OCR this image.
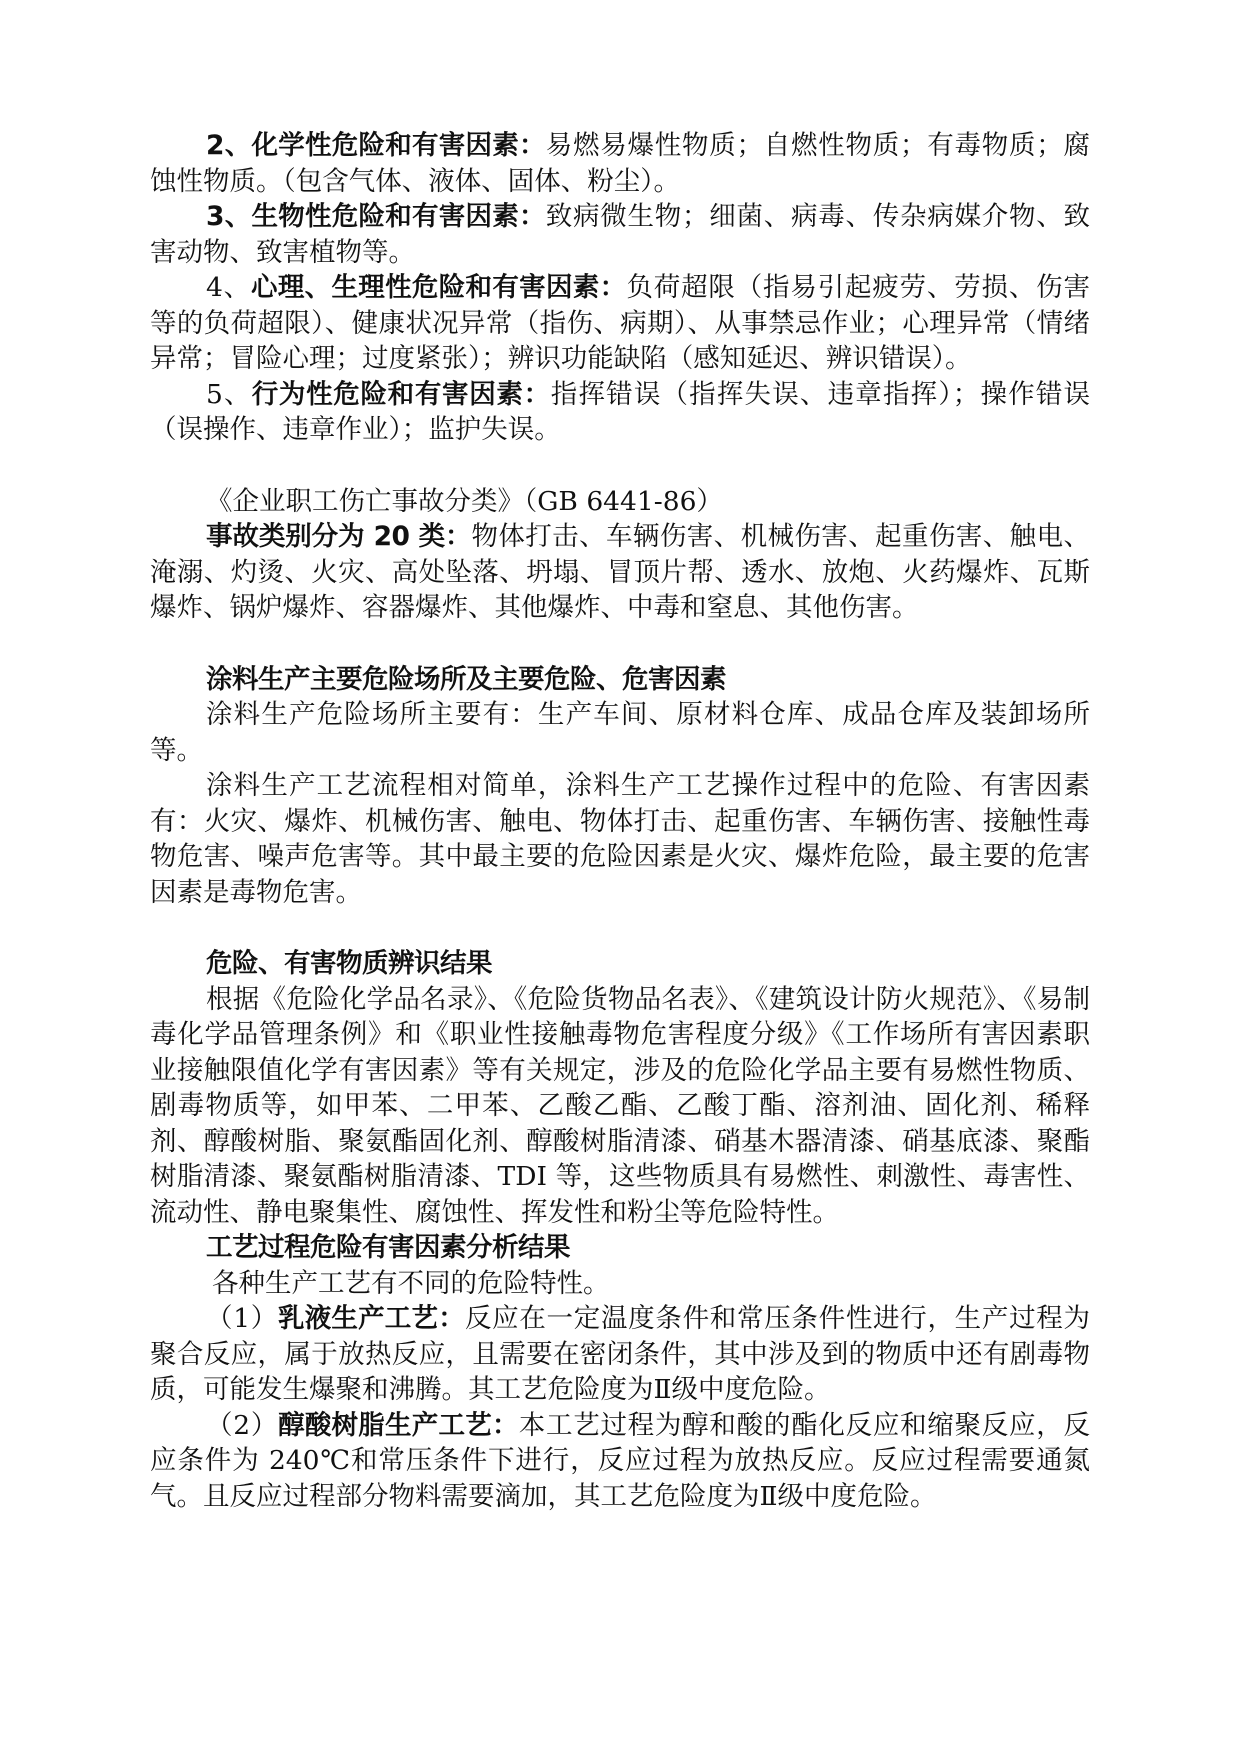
2、化学性危险和有害因素：易燃易爆性物质；自燃性物质；有毒物质；腐蚀性物质。（包含气体、液体、固体、粉尘）。

3、生物性危险和有害因素：致病微生物；细菌、病毒、传杂病媒介物、致害动物、致害植物等。

4、心理、生理性危险和有害因素：负荷超限（指易引起疲劳、劳损、伤害等的负荷超限）、健康状况异常（指伤、病期）、从事禁忌作业；心理异常（情绪异常；冒险心理；过度紧张）；辨识功能缺陷（感知延迟、辨识错误）。

5、行为性危险和有害因素：指挥错误（指挥失误、违章指挥）；操作错误（误操作、违章作业）；监护失误。

《企业职工伤亡事故分类》（GB 6441-86）

事故类别分为 20 类：物体打击、车辆伤害、机械伤害、起重伤害、触电、淹溺、灼烫、火灾、高处坠落、坍塌、冒顶片帮、透水、放炮、火药爆炸、瓦斯爆炸、锅炉爆炸、容器爆炸、其他爆炸、中毒和窒息、其他伤害。

涂料生产主要危险场所及主要危险、危害因素

涂料生产危险场所主要有：生产车间、原材料仓库、成品仓库及装卸场所等。

涂料生产工艺流程相对简单，涂料生产工艺操作过程中的危险、有害因素有：火灾、爆炸、机械伤害、触电、物体打击、起重伤害、车辆伤害、接触性毒物危害、噪声危害等。其中最主要的危险因素是火灾、爆炸危险，最主要的危害因素是毒物危害。

危险、有害物质辨识结果

根据《危险化学品名录》、《危险货物品名表》、《建筑设计防火规范》、《易制毒化学品管理条例》和《职业性接触毒物危害程度分级》《工作场所有害因素职业接触限值化学有害因素》等有关规定，涉及的危险化学品主要有易燃性物质、剧毒物质等，如甲苯、二甲苯、乙酸乙酯、乙酸丁酯、溶剂油、固化剂、稀释剂、醇酸树脂、聚氨酯固化剂、醇酸树脂清漆、硝基木器清漆、硝基底漆、聚酯树脂清漆、聚氨酯树脂清漆、TDI 等，这些物质具有易燃性、刺激性、毒害性、流动性、静电聚集性、腐蚀性、挥发性和粉尘等危险特性。

工艺过程危险有害因素分析结果

各种生产工艺有不同的危险特性。

（1）乳液生产工艺：反应在一定温度条件和常压条件性进行，生产过程为聚合反应，属于放热反应，且需要在密闭条件，其中涉及到的物质中还有剧毒物质，可能发生爆聚和沸腾。其工艺危险度为Ⅱ级中度危险。

（2）醇酸树脂生产工艺：本工艺过程为醇和酸的酯化反应和缩聚反应，反应条件为 240℃和常压条件下进行，反应过程为放热反应。反应过程需要通氮气。且反应过程部分物料需要滴加，其工艺危险度为Ⅱ级中度危险。
